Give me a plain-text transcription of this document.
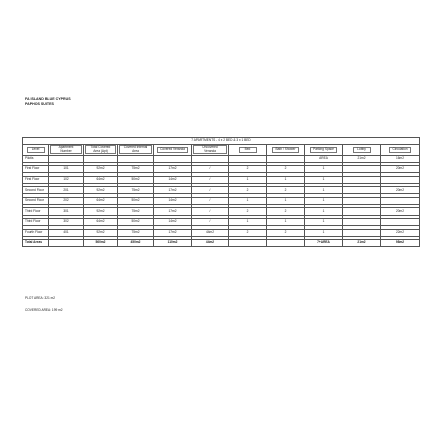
FA ISLAND BLUE CYPRUS
PAPHOS SUITES
7 APARTMENTS - 4 x 2 BED & 3 x 1 BED										
Level	Apartment Number	Total Covered Area (Apt)	Covered Internal Area	Covered Veranda	Uncovered Veranda	Bed	Bath / Shower	Parking Space	Lobby	Circulation
Pilotis								AREA	21m2	16m2

First Floor	101	92m2	75m2	17m2	/	2	2	1		20m2

First Floor	102	64m2	50m2	14m2	/	1	1	1		

Second Floor	201	92m2	75m2	17m2	/	2	2	1		20m2

Second Floor	202	64m2	50m2	14m2	/	1	1	1		

Third Floor	301	92m2	75m2	17m2	/	2	2	1		20m2

Third Floor	302	64m2	50m2	14m2	/	1	1	1		

Fourth Floor	401	92m2	75m2	17m2	44m2	2	2	1		22m2

Total Areas		560m2	450m2	110m2	44m2			7+AREA	21m2	98m2
PLOT AREA: 321 m2
COVERED AREA: 199 m2
